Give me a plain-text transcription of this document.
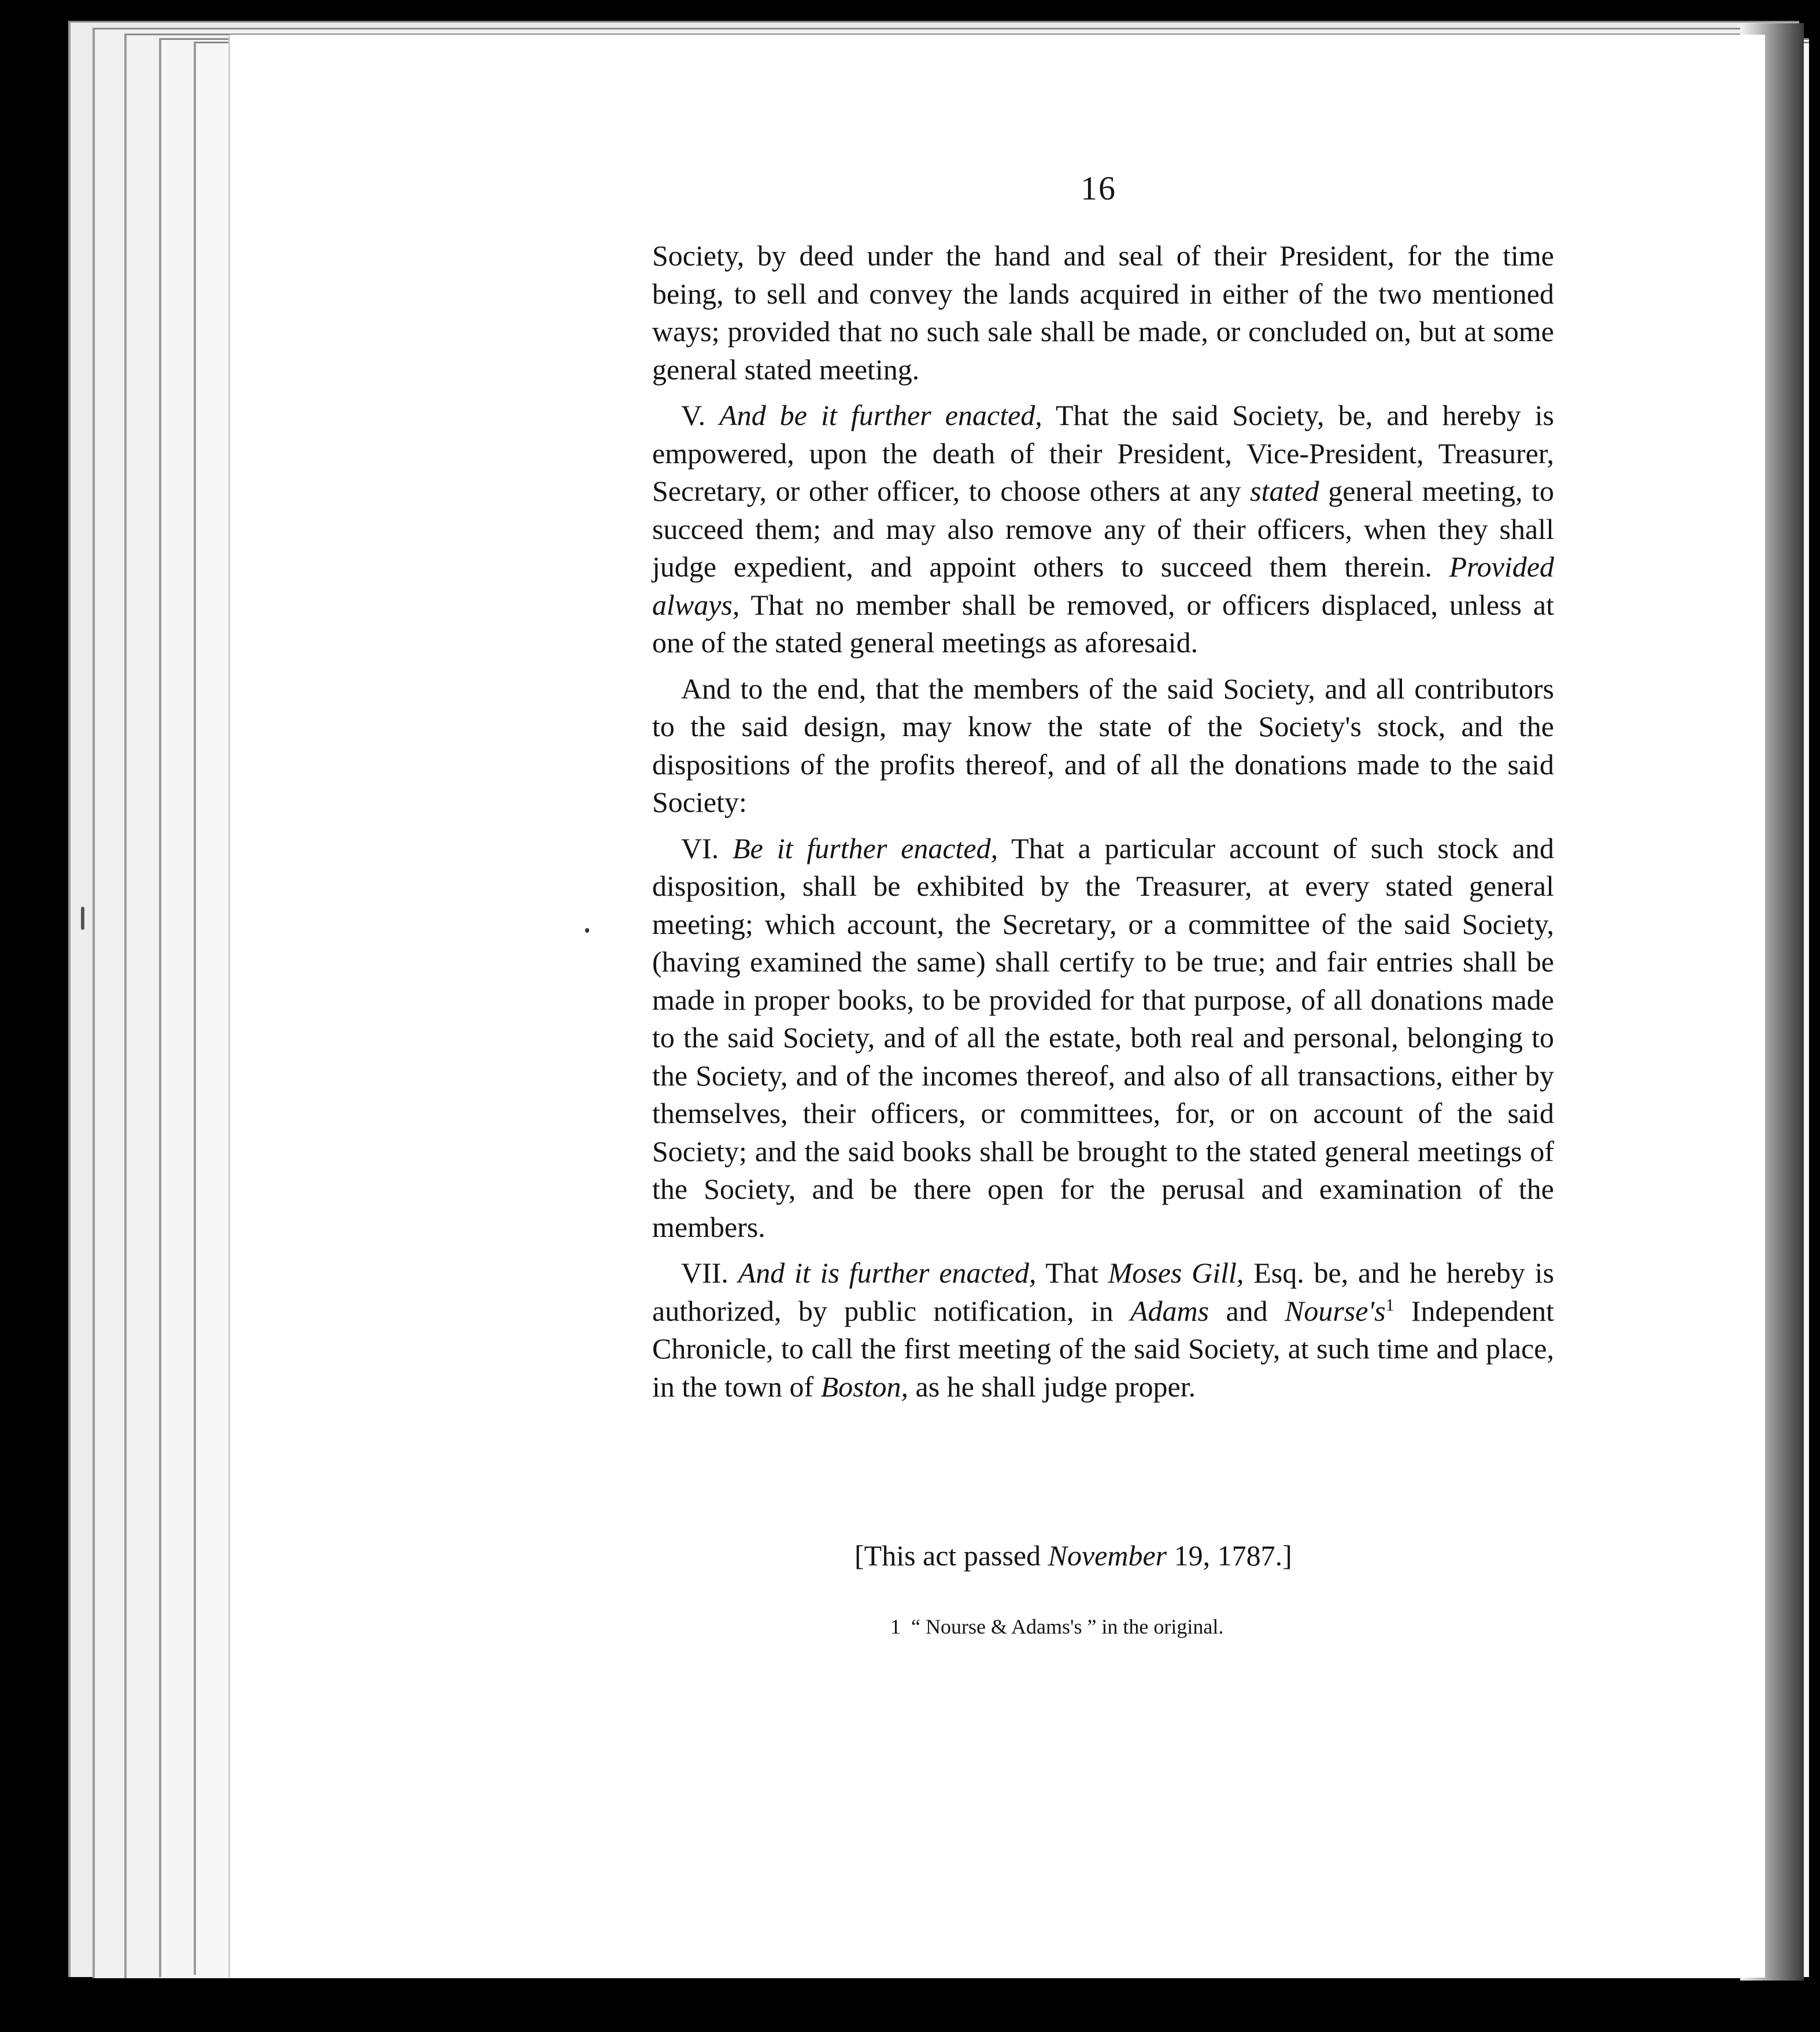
16

Society, by deed under the hand and seal of their President, for the time being, to sell and convey the lands acquired in either of the two mentioned ways; provided that no such sale shall be made, or concluded on, but at some general stated meeting.

V. And be it further enacted, That the said Society, be, and hereby is empowered, upon the death of their President, Vice-President, Treasurer, Secretary, or other officer, to choose others at any stated general meeting, to succeed them; and may also remove any of their officers, when they shall judge expedient, and appoint others to succeed them therein. Provided always, That no member shall be removed, or officers displaced, unless at one of the stated general meetings as aforesaid.

And to the end, that the members of the said Society, and all contributors to the said design, may know the state of the Society's stock, and the dispositions of the profits thereof, and of all the donations made to the said Society:

VI. Be it further enacted, That a particular account of such stock and disposition, shall be exhibited by the Treasurer, at every stated general meeting; which account, the Secretary, or a committee of the said Society, (having examined the same) shall certify to be true; and fair entries shall be made in proper books, to be provided for that purpose, of all donations made to the said Society, and of all the estate, both real and personal, belonging to the Society, and of the incomes thereof, and also of all transactions, either by themselves, their officers, or committees, for, or on account of the said Society; and the said books shall be brought to the stated general meetings of the Society, and be there open for the perusal and examination of the members.

VII. And it is further enacted, That Moses Gill, Esq. be, and he hereby is authorized, by public notification, in Adams and $Nourse's^1$ Independent Chronicle, to call the first meeting of the said Society, at such time and place, in the town of Boston, as he shall judge proper.

[This act passed November 19, 1787.]
1 “ Nourse & Adams's ” in the original.
